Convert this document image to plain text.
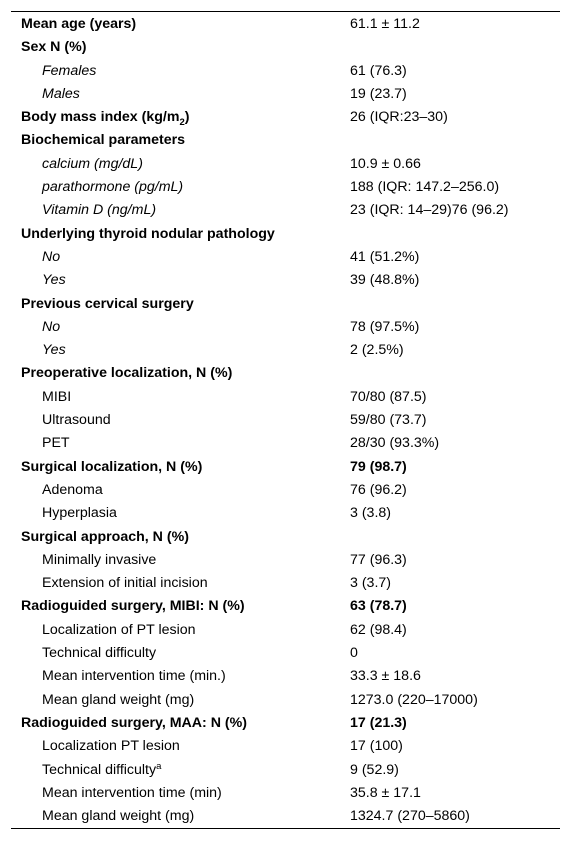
Mean age (years)	61.1 ± 11.2
Sex N (%)
Females	61 (76.3)
Males	19 (23.7)
Body mass index $(kg/m_2)$	26 (IQR:23–30)
Biochemical parameters
calcium (mg/dL)	10.9 ± 0.66
parathormone (pg/mL)	188 (IQR: 147.2–256.0)
Vitamin D (ng/mL)	23 (IQR: 14–29)76 (96.2)
Underlying thyroid nodular pathology
No	41 (51.2%)
Yes	39 (48.8%)
Previous cervical surgery
No	78 (97.5%)
Yes	2 (2.5%)
Preoperative localization, N (%)
MIBI	70/80 (87.5)
Ultrasound	59/80 (73.7)
PET	28/30 (93.3%)
Surgical localization, N (%)	79 (98.7)
Adenoma	76 (96.2)
Hyperplasia	3 (3.8)
Surgical approach, N (%)
Minimally invasive	77 (96.3)
Extension of initial incision	3 (3.7)
Radioguided surgery, MIBI: N (%)	63 (78.7)
Localization of PT lesion	62 (98.4)
Technical difficulty	0
Mean intervention time (min.)	33.3 ± 18.6
Mean gland weight (mg)	1273.0 (220–17000)
Radioguided surgery, MAA: N (%)	17 (21.3)
Localization PT lesion	17 (100)
Technical difficulty$^a$	9 (52.9)
Mean intervention time (min)	35.8 ± 17.1
Mean gland weight (mg)	1324.7 (270–5860)
